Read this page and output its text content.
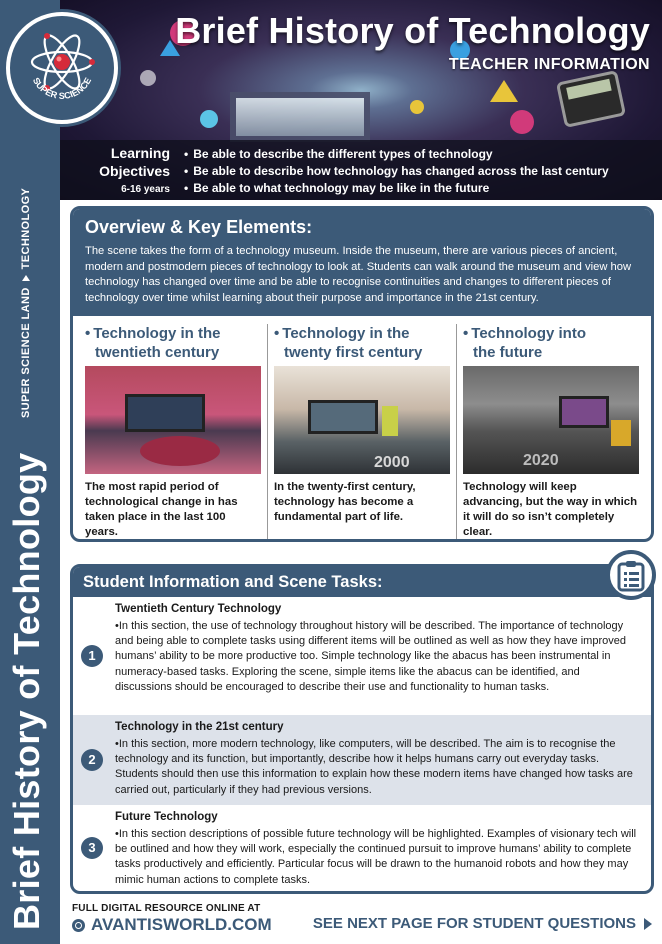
SUPER SCIENCE LAND
TECHNOLOGY
Brief History of Technology
Brief History of Technology
TEACHER INFORMATION
Learning
Objectives
6-16 years
• Be able to describe the different types of technology
• Be able to describe how technology has changed across the last century
• Be able to what technology may be like in the future
SUPER SCIENCE
Overview & Key Elements:
The scene takes the form of a technology museum. Inside the museum, there are various pieces of ancient, modern and postmodern pieces of technology to look at. Students can walk around the museum and view how technology has changed over time and be able to recognise continuities and changes to different pieces of technology over time whilst learning about their purpose and importance in the 21st century.
• Technology in the
twentieth century
The most rapid period of technological change in has taken place in the last 100 years.
• Technology in the
twenty first century
2000
In the twenty-first century, technology has become a fundamental part of life.
• Technology into
the future
2020
Technology will keep advancing, but the way in which it will do so isn’t completely clear.
Student Information and Scene Tasks:
1
Twentieth Century Technology
• In this section, the use of technology throughout history will be described. The importance of technology and being able to complete tasks using different items will be outlined as well as how they have improved humans’ ability to be more productive too. Simple technology like the abacus has been instrumental in numeracy-based tasks. Exploring the scene, simple items like the abacus can be identified, and discussions should be encouraged to describe their use and functionality to human tasks.
2
Technology in the 21st century
• In this section, more modern technology, like computers, will be described. The aim is to recognise the technology and its function, but importantly, describe how it helps humans carry out everyday tasks. Students should then use this information to explain how these modern items have changed how tasks are carried out, particularly if they had previous versions.
3
Future Technology
• In this section descriptions of possible future technology will be highlighted. Examples of visionary tech will be outlined and how they will work, especially the continued pursuit to improve humans’ ability to complete tasks productively and efficiently. Particular focus will be drawn to the humanoid robots and how they may mimic human actions to complete tasks.
FULL DIGITAL RESOURCE ONLINE AT
AVANTISWORLD.COM	SEE NEXT PAGE FOR STUDENT QUESTIONS
